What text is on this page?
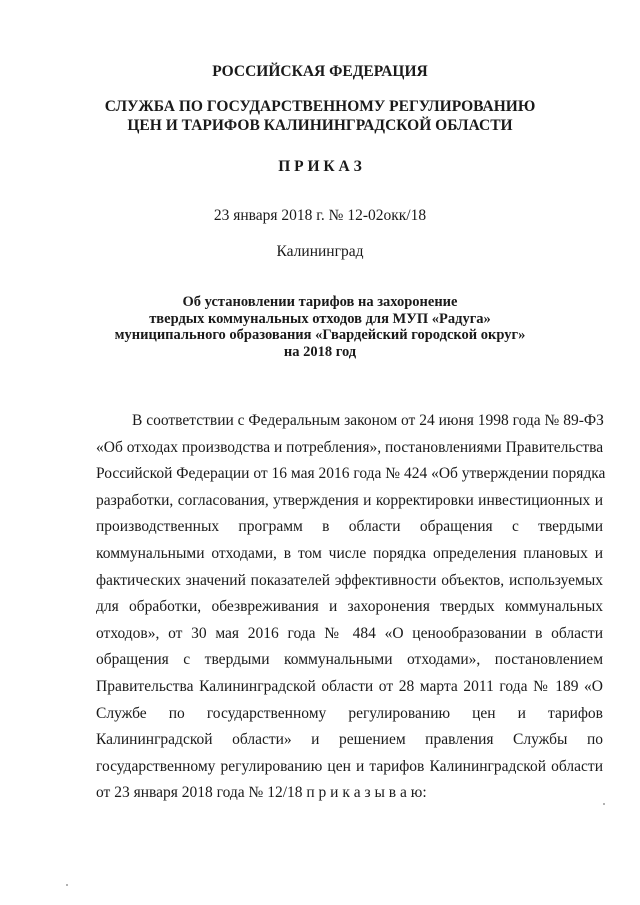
РОССИЙСКАЯ ФЕДЕРАЦИЯ
СЛУЖБА ПО ГОСУДАРСТВЕННОМУ РЕГУЛИРОВАНИЮ
ЦЕН И ТАРИФОВ КАЛИНИНГРАДСКОЙ ОБЛАСТИ
П Р И К А З
23 января 2018 г. № 12-02окк/18
Калининград
Об установлении тарифов на захоронение
твердых коммунальных отходов для МУП «Радуга»
муниципального образования «Гвардейский городской округ»
на 2018 год
В соответствии с Федеральным законом от 24 июня 1998 года № 89-ФЗ
«Об отходах производства и потребления», постановлениями Правительства
Российской Федерации от 16 мая 2016 года № 424 «Об утверждении порядка
разработки, согласования, утверждения и корректировки инвестиционных и
производственных программ в области обращения с твердыми
коммунальными отходами, в том числе порядка определения плановых и
фактических значений показателей эффективности объектов, используемых
для обработки, обезвреживания и захоронения твердых коммунальных
отходов», от 30 мая 2016 года № 484 «О ценообразовании в области
обращения с твердыми коммунальными отходами», постановлением
Правительства Калининградской области от 28 марта 2011 года № 189 «О
Службе по государственному регулированию цен и тарифов
Калининградской области» и решением правления Службы по
государственному регулированию цен и тарифов Калининградской области
от 23 января 2018 года № 12/18 п р и к а з ы в а ю:
